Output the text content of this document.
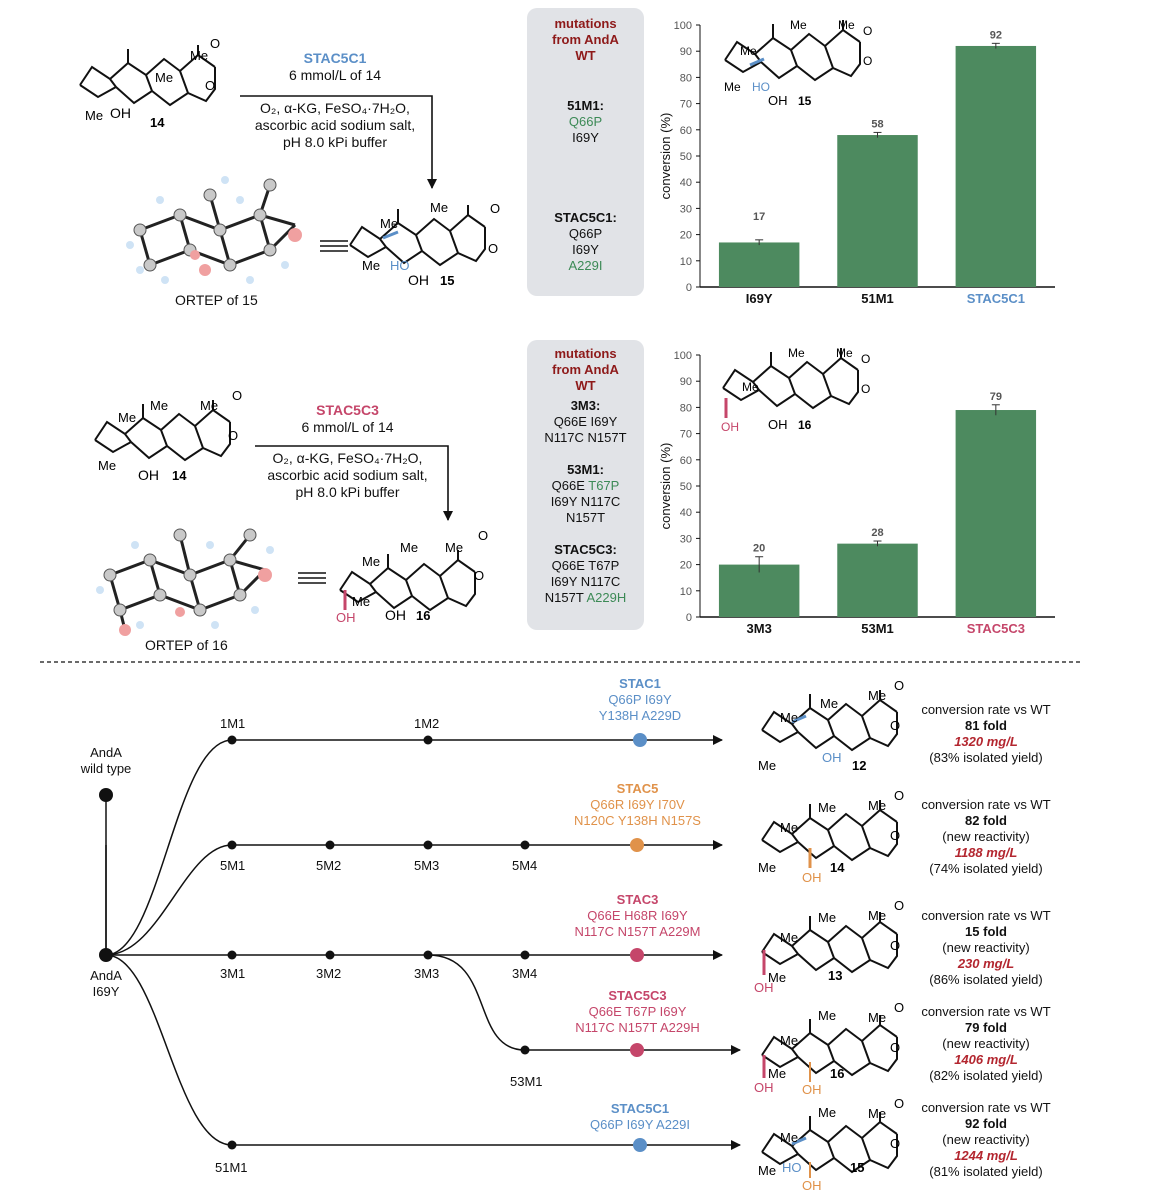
OH
14
Me
Me
Me
O
O
HO
OH 15
Me
Me
Me	O
O
OH 14
Me
Me
Me
Me
O
O
OH OH 16
Me
Me
Me
Me
O
O
OH
12
Me
Me
Me
Me
O
O
OH
14
Me
Me
Me Me
O
O
OH
13
Me
Me
Me Me
O
O
OH OH
16
Me
Me
Me Me
O
O
HO
OH
15
Me
Me
Me Me
O
O
STAC5C1
6 mmol/L of 14
O₂, α-KG, FeSO₄·7H₂O,
ascorbic acid sodium salt,
pH 8.0 kPi buffer
ORTEP of 15
mutations from AndA WT
51M1:
Q66P
I69Y
STAC5C1:
Q66P
I69Y
A229I
STAC5C3
6 mmol/L of 14
O₂, α-KG, FeSO₄·7H₂O,
ascorbic acid sodium salt,
pH 8.0 kPi buffer
ORTEP of 16
mutations from AndA WT
3M3:
Q66E I69Y
N117C N157T
53M1:
Q66E T67P
I69Y N117C
N157T
STAC5C3:
Q66E T67P
I69Y N117C
N157T A229H
0
10
20
30
40
50
60
70
80
90
100
conversion (%)
17
I69Y
58
51M1
92
STAC5C1
0
10
20
30
40
50
60
70
80
90
100
conversion (%)
20
3M3
28
53M1
79
STAC5C3
HO
OH 15
Me
Me
Me	Me O
O
OH OH 16
Me
Me	Me O
O
AndA
wild type
AndA
I69Y
1M1	1M2
5M1	5M2	5M3	5M4
3M1	3M2	3M3	3M4
53M1
51M1
STAC1
Q66P I69Y
Y138H A229D
STAC5
Q66R I69Y I70V
N120C Y138H N157S
STAC3
Q66E H68R I69Y
N117C N157T A229M
STAC5C3
Q66E T67P I69Y
N117C N157T A229H
STAC5C1
Q66P I69Y A229I
conversion rate vs WT
81 fold
1320 mg/L
(83% isolated yield)
conversion rate vs WT
82 fold
(new reactivity)
1188 mg/L
(74% isolated yield)
conversion rate vs WT
15 fold
(new reactivity)
230 mg/L
(86% isolated yield)
conversion rate vs WT
79 fold
(new reactivity)
1406 mg/L
(82% isolated yield)
conversion rate vs WT
92 fold
(new reactivity)
1244 mg/L
(81% isolated yield)
